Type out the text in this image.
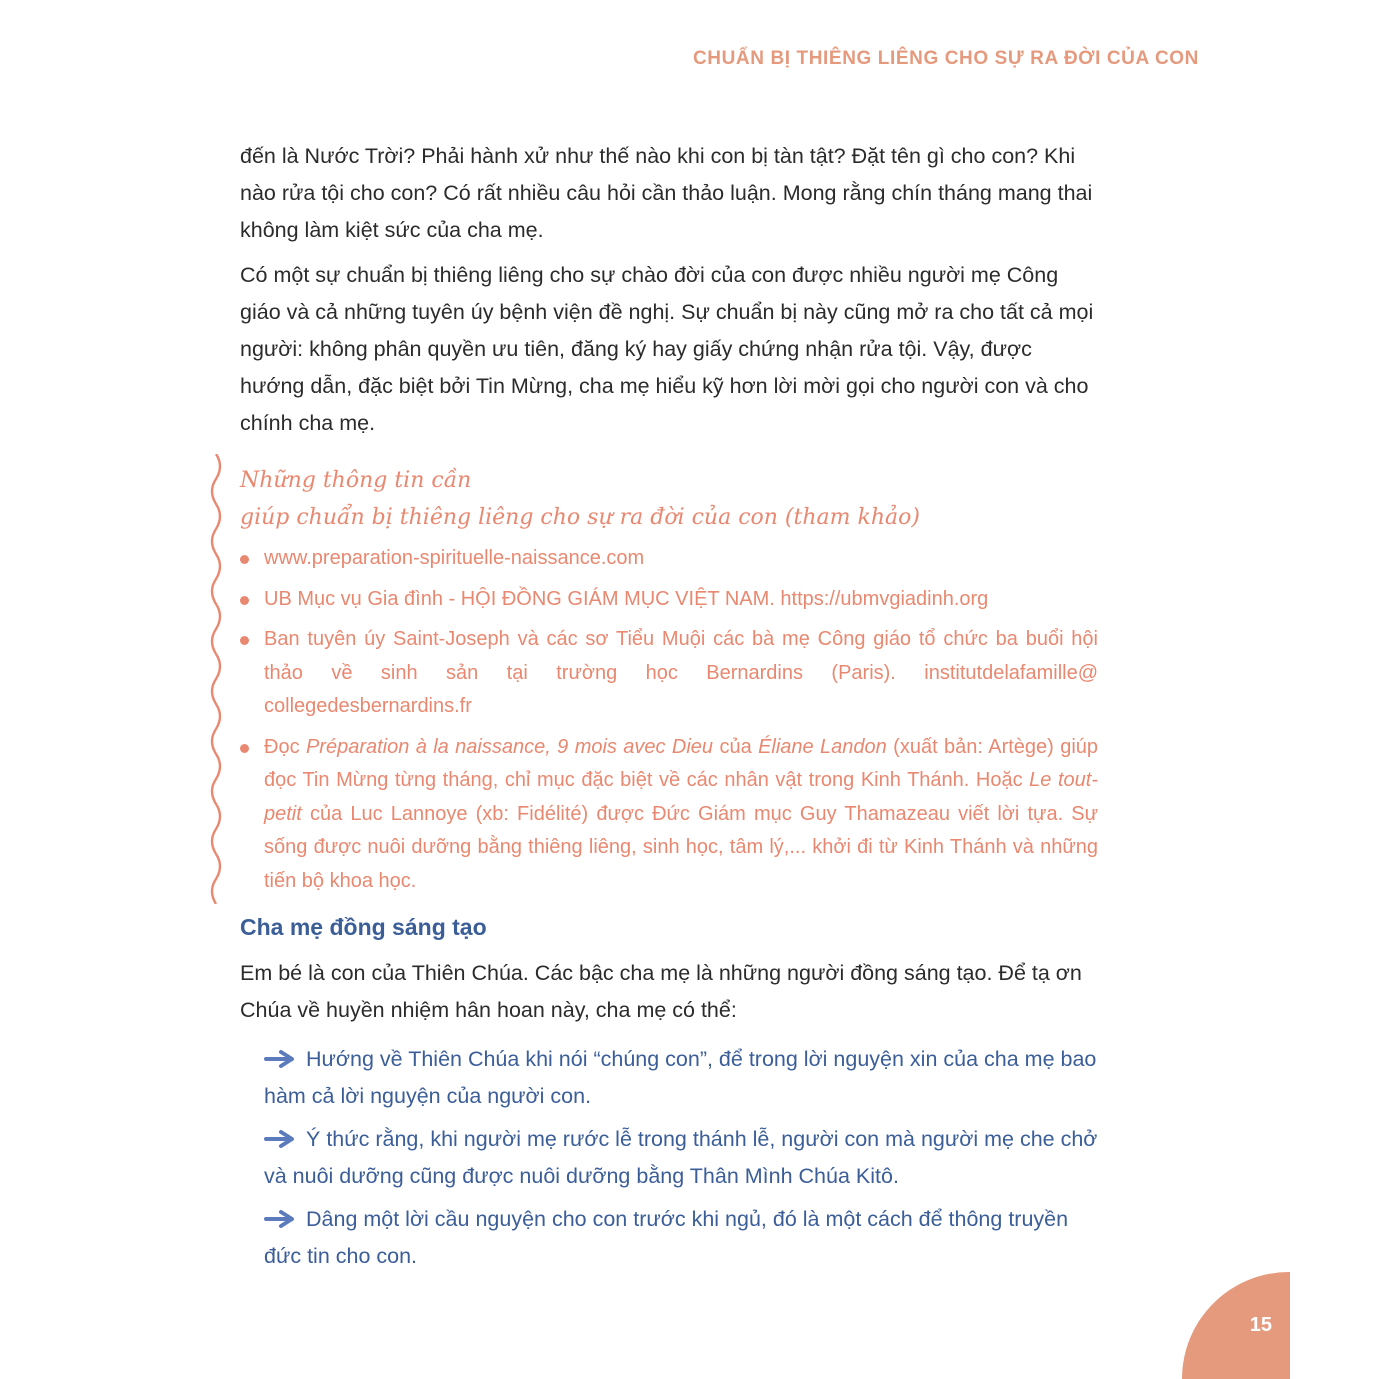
CHUẨN BỊ THIÊNG LIÊNG CHO SỰ RA ĐỜI CỦA CON

đến là Nước Trời? Phải hành xử như thế nào khi con bị tàn tật? Đặt tên gì cho con? Khi nào rửa tội cho con? Có rất nhiều câu hỏi cần thảo luận. Mong rằng chín tháng mang thai không làm kiệt sức của cha mẹ.

Có một sự chuẩn bị thiêng liêng cho sự chào đời của con được nhiều người mẹ Công giáo và cả những tuyên úy bệnh viện đề nghị. Sự chuẩn bị này cũng mở ra cho tất cả mọi người: không phân quyền ưu tiên, đăng ký hay giấy chứng nhận rửa tội. Vậy, được hướng dẫn, đặc biệt bởi Tin Mừng, cha mẹ hiểu kỹ hơn lời mời gọi cho người con và cho chính cha mẹ.

Những thông tin cần

giúp chuẩn bị thiêng liêng cho sự ra đời của con (tham khảo)

www.preparation-spirituelle-naissance.com
UB Mục vụ Gia đình - HỘI ĐỒNG GIÁM MỤC VIỆT NAM. https://ubmvgiadinh.org
Ban tuyên úy Saint-Joseph và các sơ Tiểu Muội các bà mẹ Công giáo tổ chức ba buổi hội thảo về sinh sản tại trường học Bernardins (Paris). institutdelafamille@ collegedesbernardins.fr
Đọc Préparation à la naissance, 9 mois avec Dieu của Éliane Landon (xuất bản: Artège) giúp đọc Tin Mừng từng tháng, chỉ mục đặc biệt về các nhân vật trong Kinh Thánh. Hoặc Le tout-petit của Luc Lannoye (xb: Fidélité) được Đức Giám mục Guy Thamazeau viết lời tựa. Sự sống được nuôi dưỡng bằng thiêng liêng, sinh học, tâm lý,... khởi đi từ Kinh Thánh và những tiến bộ khoa học.
Cha mẹ đồng sáng tạo

Em bé là con của Thiên Chúa. Các bậc cha mẹ là những người đồng sáng tạo. Để tạ ơn Chúa về huyền nhiệm hân hoan này, cha mẹ có thể:

Hướng về Thiên Chúa khi nói “chúng con”, để trong lời nguyện xin của cha mẹ bao hàm cả lời nguyện của người con.
Ý thức rằng, khi người mẹ rước lễ trong thánh lễ, người con mà người mẹ che chở và nuôi dưỡng cũng được nuôi dưỡng bằng Thân Mình Chúa Kitô.
Dâng một lời cầu nguyện cho con trước khi ngủ, đó là một cách để thông truyền đức tin cho con.
15
